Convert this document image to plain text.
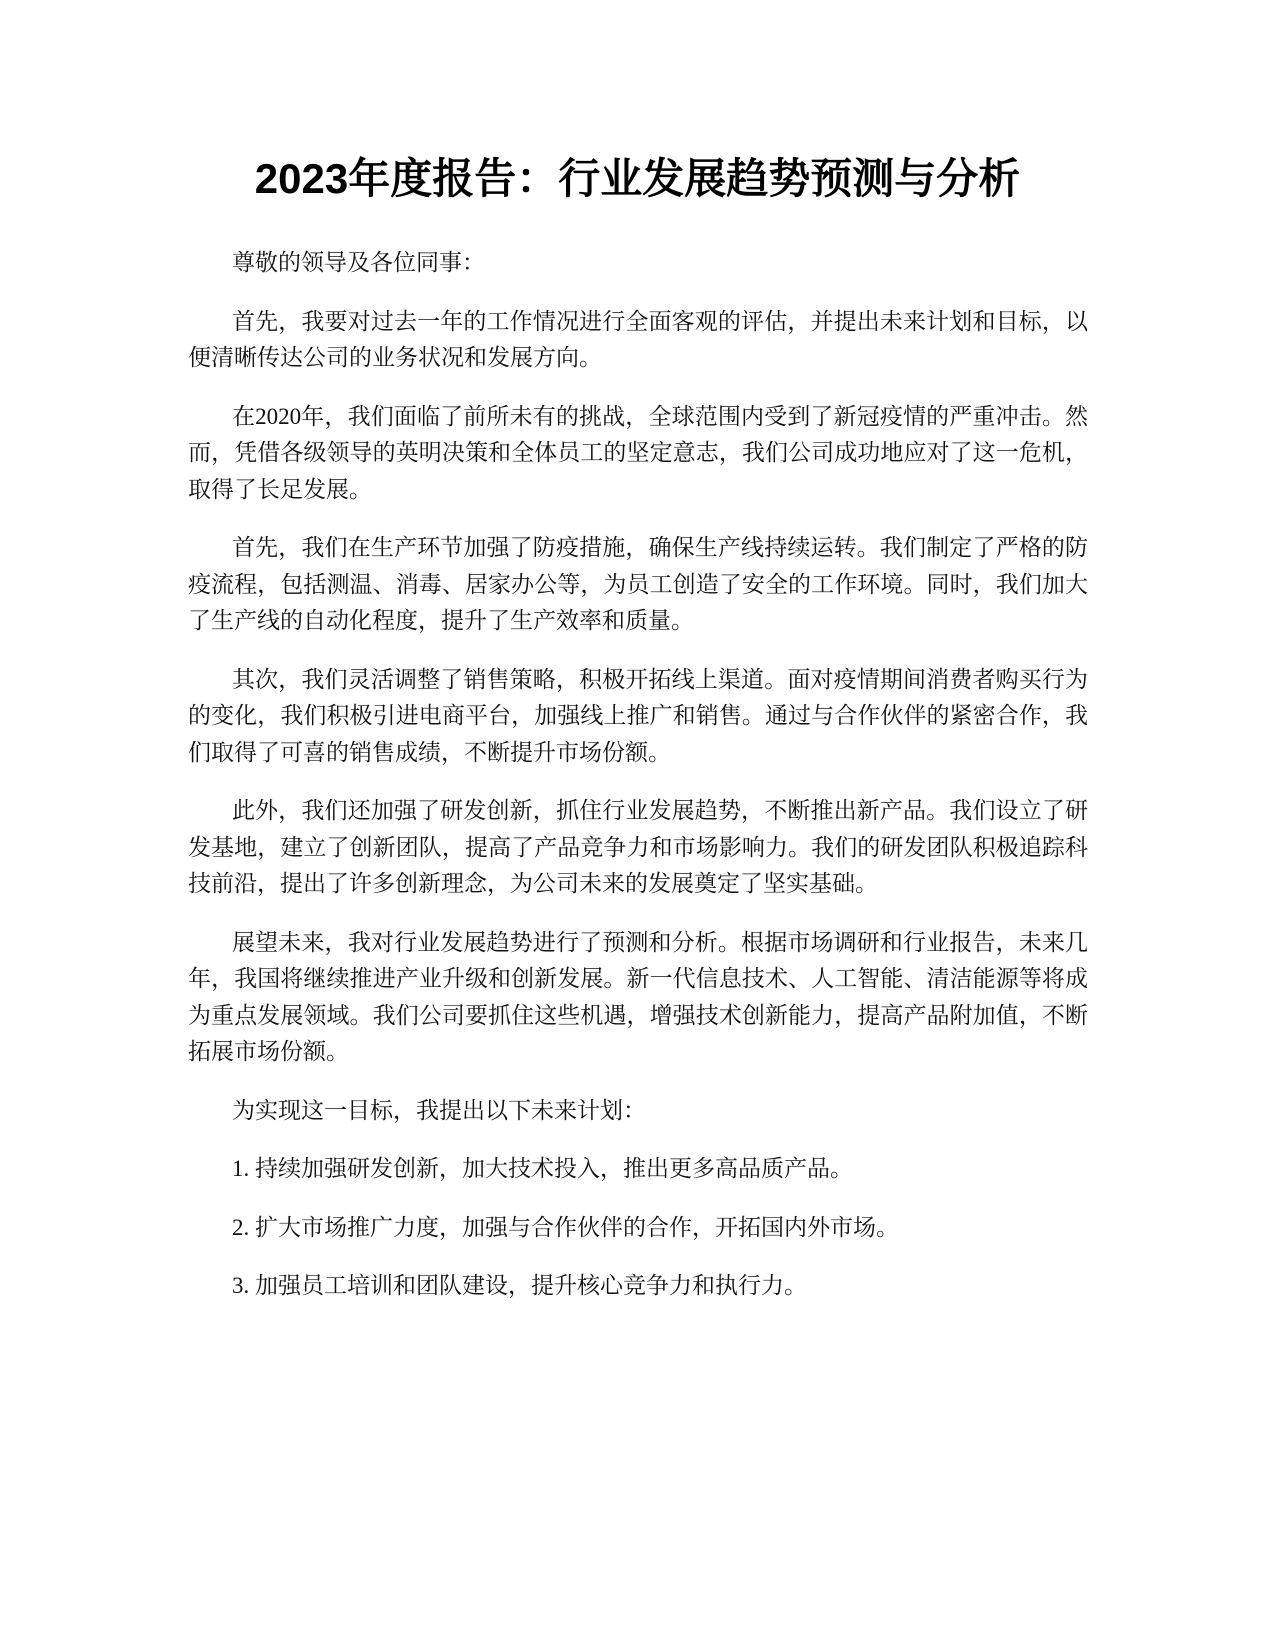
2023年度报告：行业发展趋势预测与分析

尊敬的领导及各位同事：

首先，我要对过去一年的工作情况进行全面客观的评估，并提出未来计划和目标，以便清晰传达公司的业务状况和发展方向。

在2020年，我们面临了前所未有的挑战，全球范围内受到了新冠疫情的严重冲击。然而，凭借各级领导的英明决策和全体员工的坚定意志，我们公司成功地应对了这一危机，取得了长足发展。

首先，我们在生产环节加强了防疫措施，确保生产线持续运转。我们制定了严格的防疫流程，包括测温、消毒、居家办公等，为员工创造了安全的工作环境。同时，我们加大了生产线的自动化程度，提升了生产效率和质量。

其次，我们灵活调整了销售策略，积极开拓线上渠道。面对疫情期间消费者购买行为的变化，我们积极引进电商平台，加强线上推广和销售。通过与合作伙伴的紧密合作，我们取得了可喜的销售成绩，不断提升市场份额。

此外，我们还加强了研发创新，抓住行业发展趋势，不断推出新产品。我们设立了研发基地，建立了创新团队，提高了产品竞争力和市场影响力。我们的研发团队积极追踪科技前沿，提出了许多创新理念，为公司未来的发展奠定了坚实基础。

展望未来，我对行业发展趋势进行了预测和分析。根据市场调研和行业报告，未来几年，我国将继续推进产业升级和创新发展。新一代信息技术、人工智能、清洁能源等将成为重点发展领域。我们公司要抓住这些机遇，增强技术创新能力，提高产品附加值，不断拓展市场份额。

为实现这一目标，我提出以下未来计划：

1. 持续加强研发创新，加大技术投入，推出更多高品质产品。

2. 扩大市场推广力度，加强与合作伙伴的合作，开拓国内外市场。

3. 加强员工培训和团队建设，提升核心竞争力和执行力。
